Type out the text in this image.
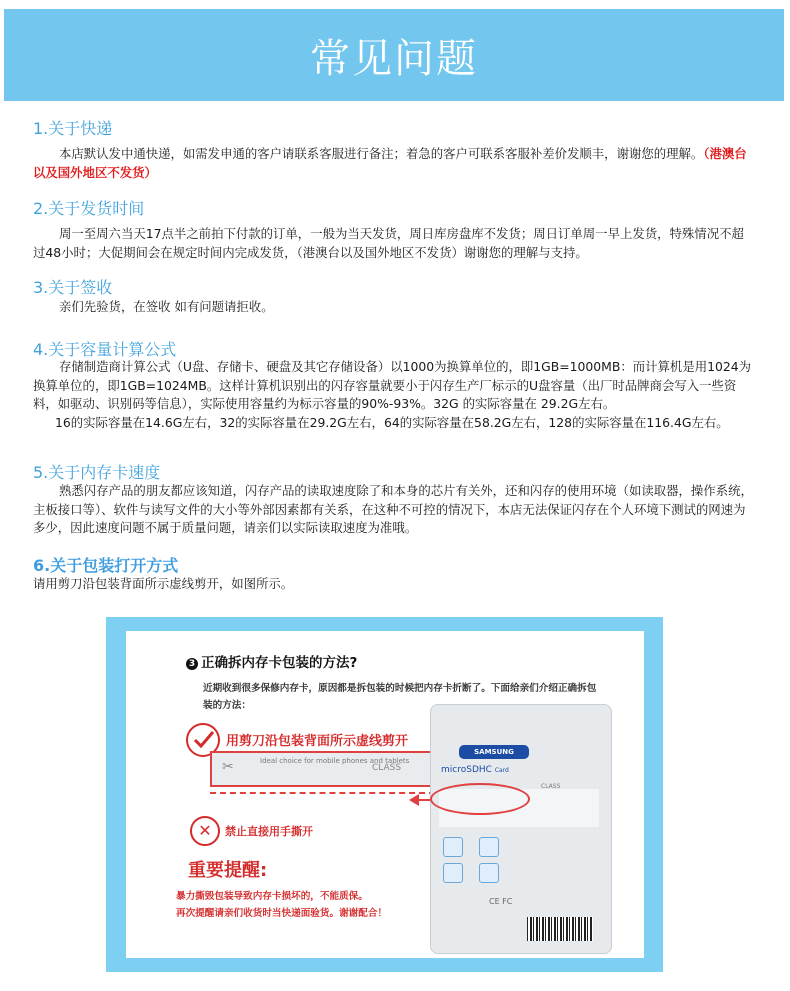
常见问题
1.关于快递

本店默认发中通快递，如需发申通的客户请联系客服进行备注；着急的客户可联系客服补差价发顺丰，谢谢您的理解。（港澳台以及国外地区不发货）

2.关于发货时间

周一至周六当天17点半之前拍下付款的订单，一般为当天发货，周日库房盘库不发货；周日订单周一早上发货，特殊情况不超过48小时；大促期间会在规定时间内完成发货，（港澳台以及国外地区不发货）谢谢您的理解与支持。

3.关于签收

亲们先验货，在签收 如有问题请拒收。

4.关于容量计算公式

存储制造商计算公式（U盘、存储卡、硬盘及其它存储设备）以1000为换算单位的，即1GB=1000MB：而计算机是用1024为换算单位的，即1GB=1024MB。这样计算机识别出的闪存容量就要小于闪存生产厂标示的U盘容量（出厂时品牌商会写入一些资料，如驱动、识别码等信息），实际使用容量约为标示容量的90%-93%。32G 的实际容量在 29.2G左右。
16的实际容量在14.6G左右，32的实际容量在29.2G左右，64的实际容量在58.2G左右，128的实际容量在116.4G左右。

5.关于内存卡速度

熟悉闪存产品的朋友都应该知道，闪存产品的读取速度除了和本身的芯片有关外，还和闪存的使用环境（如读取器，操作系统，主板接口等）、软件与读写文件的大小等外部因素都有关系，在这种不可控的情况下，本店无法保证闪存在个人环境下测试的网速为多少，因此速度问题不属于质量问题，请亲们以实际读取速度为准哦。

6.关于包装打开方式

请用剪刀沿包装背面所示虚线剪开，如图所示。

3 正确拆内存卡包装的方法?
近期收到很多保修内存卡，原因都是拆包装的时候把内存卡折断了。下面给亲们介绍正确拆包装的方法：
用剪刀沿包装背面所示虚线剪开
✂	Ideal choice for mobile phones and tablets
CLASS
✕	禁止直接用手撕开
重要提醒:
暴力撕毁包装导致内存卡损坏的，不能质保。
再次提醒请亲们收货时当快递面验货。谢谢配合！
SAMSUNG
microSDHC Card
CLASS
CE FC
